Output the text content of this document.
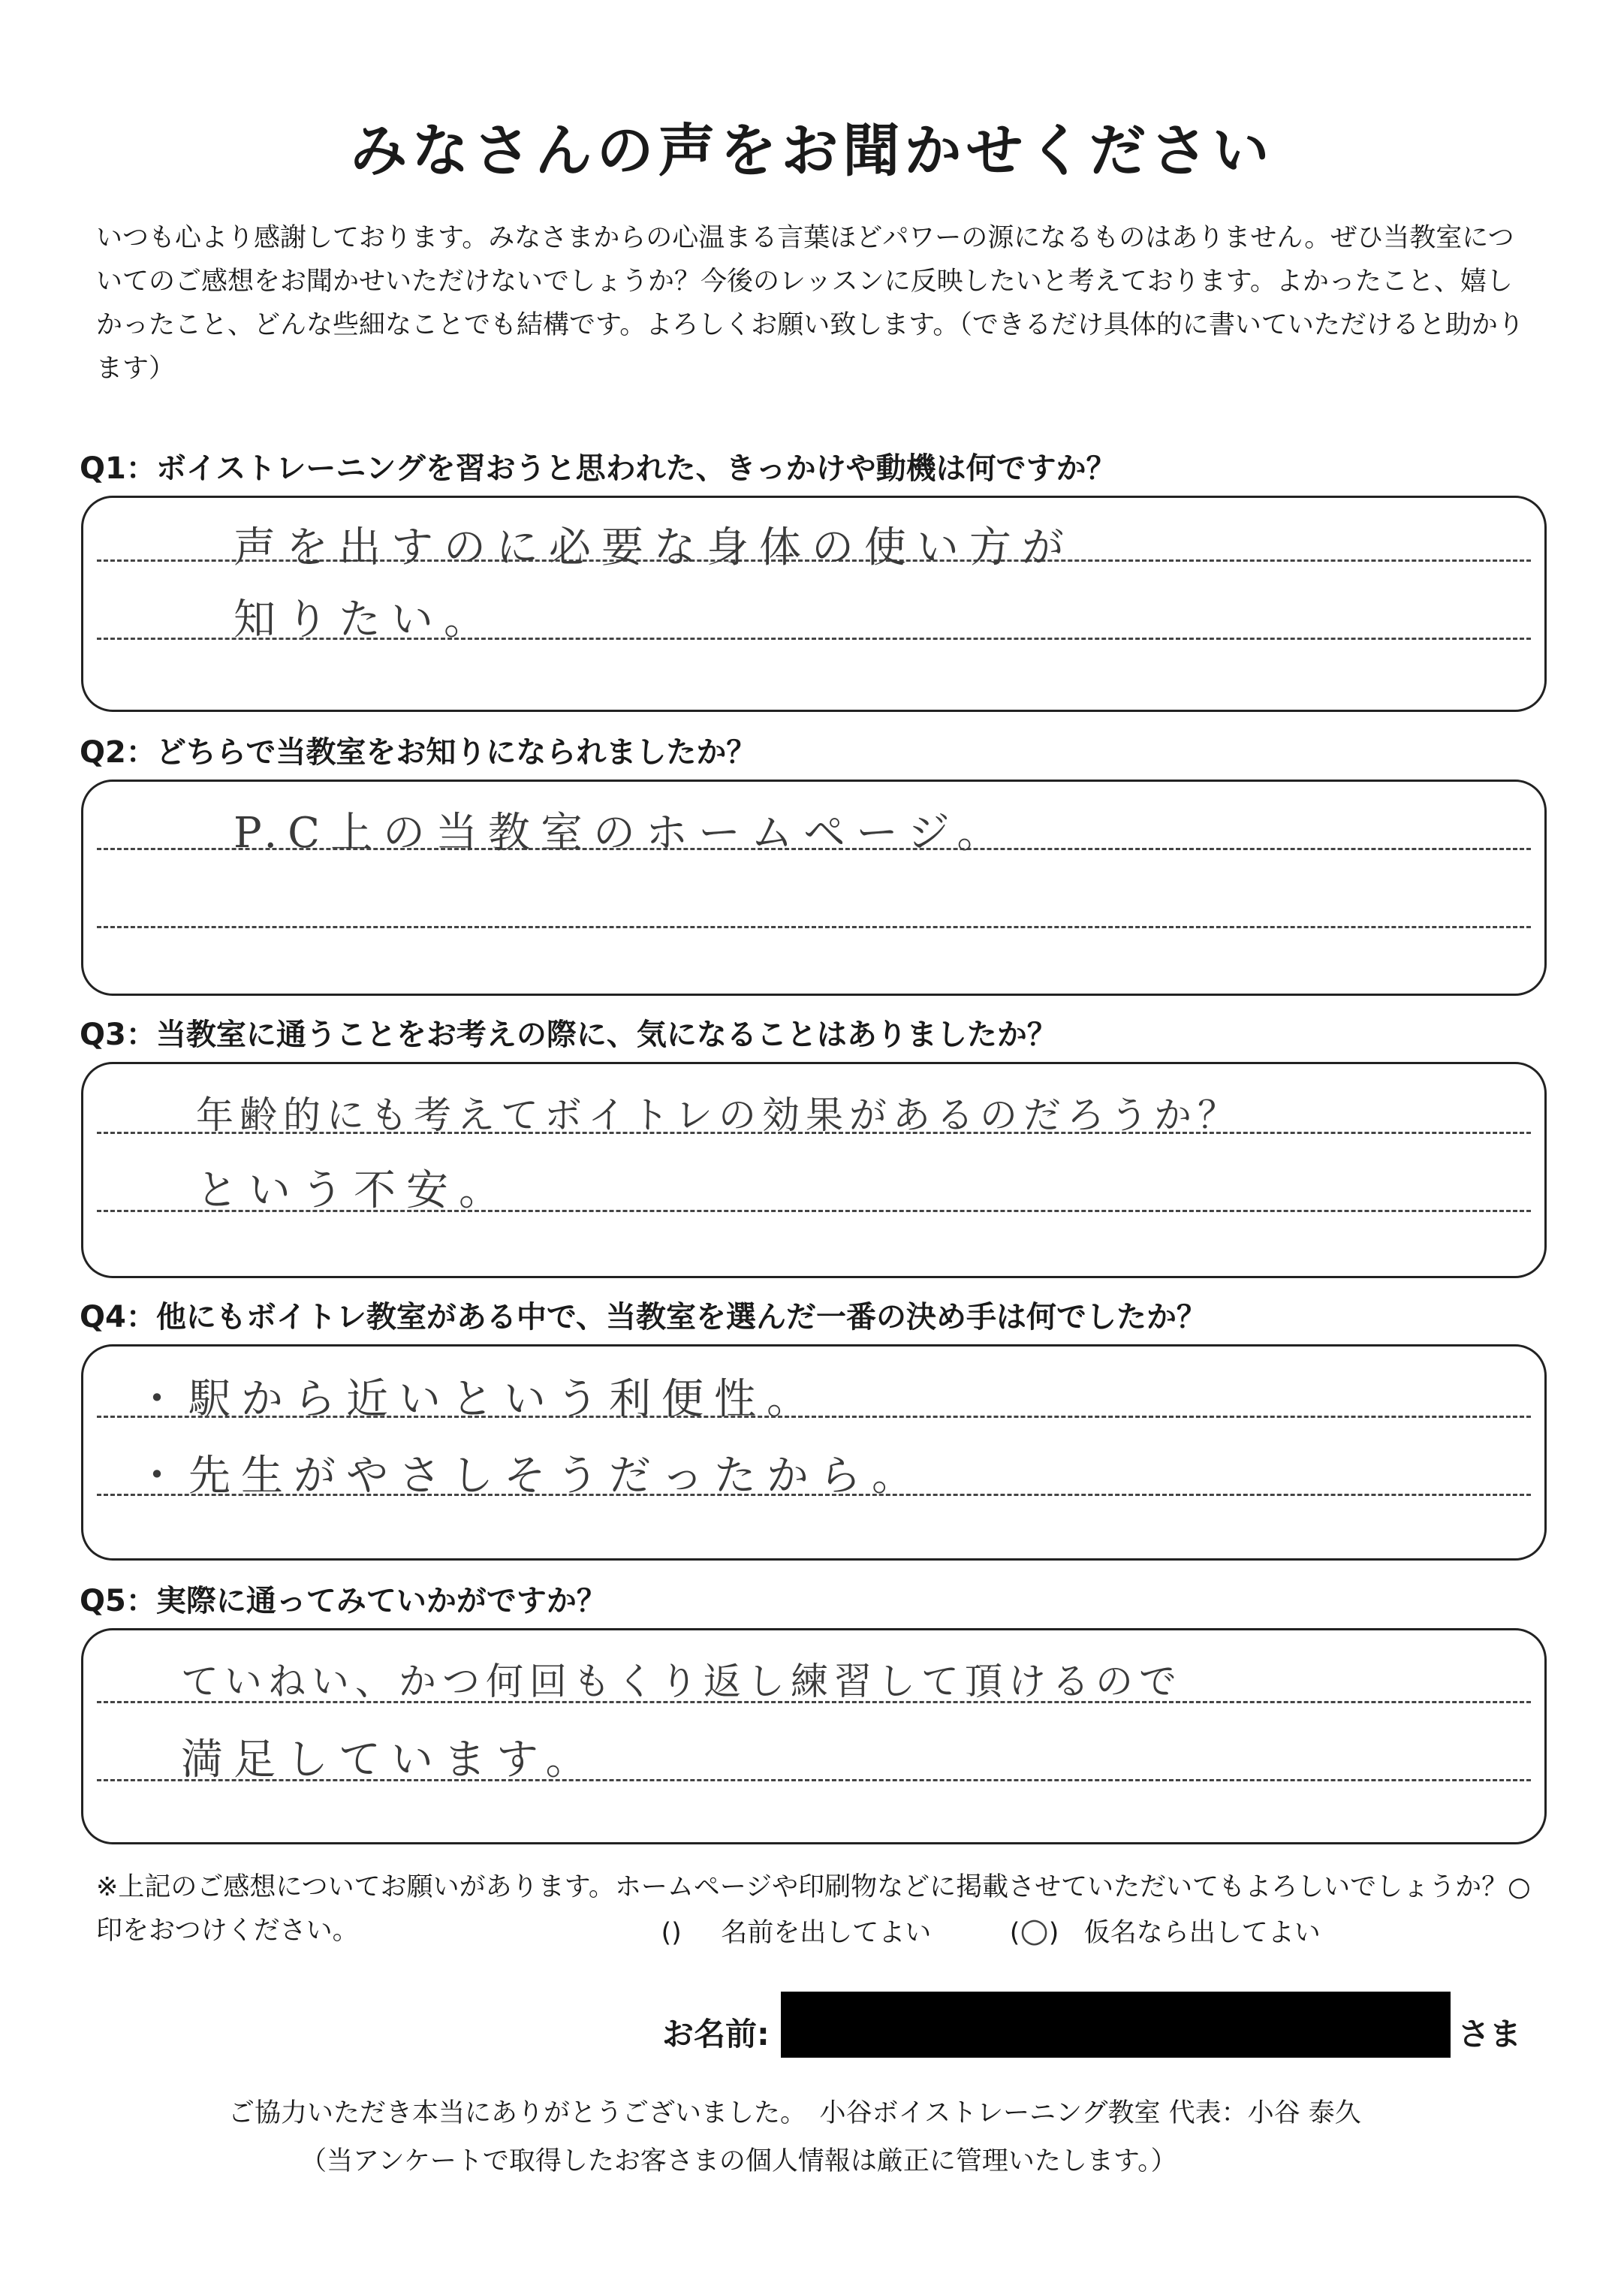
みなさんの声をお聞かせください

いつも心より感謝しております。みなさまからの心温まる言葉ほどパワーの源になるものはありません。ぜひ当教室についてのご感想をお聞かせいただけないでしょうか？今後のレッスンに反映したいと考えております。よかったこと、嬉しかったこと、どんな些細なことでも結構です。よろしくお願い致します。（できるだけ具体的に書いていただけると助かります）

Q1：ボイストレーニングを習おうと思われた、きっかけや動機は何ですか？

声を出すのに必要な身体の使い方が

知りたい。

Q2：どちらで当教室をお知りになられましたか？

P.C上の当教室のホームページ。

Q3：当教室に通うことをお考えの際に、気になることはありましたか？

年齢的にも考えてボイトレの効果があるのだろうか？

という不安。

Q4：他にもボイトレ教室がある中で、当教室を選んだ一番の決め手は何でしたか？

・駅から近いという利便性。

・先生がやさしそうだったから。

Q5：実際に通ってみていかがですか？

ていねい、かつ何回もくり返し練習して頂けるので

満足しています。

※上記のご感想についてお願いがあります。ホームページや印刷物などに掲載させていただいてもよろしいでしょうか？○印をおつけください。	() 名前を出してよい	(○) 仮名なら出してよい

お名前:	さま

ご協力いただき本当にありがとうございました。　小谷ボイストレーニング教室 代表：小谷 泰久

（当アンケートで取得したお客さまの個人情報は厳正に管理いたします。）
